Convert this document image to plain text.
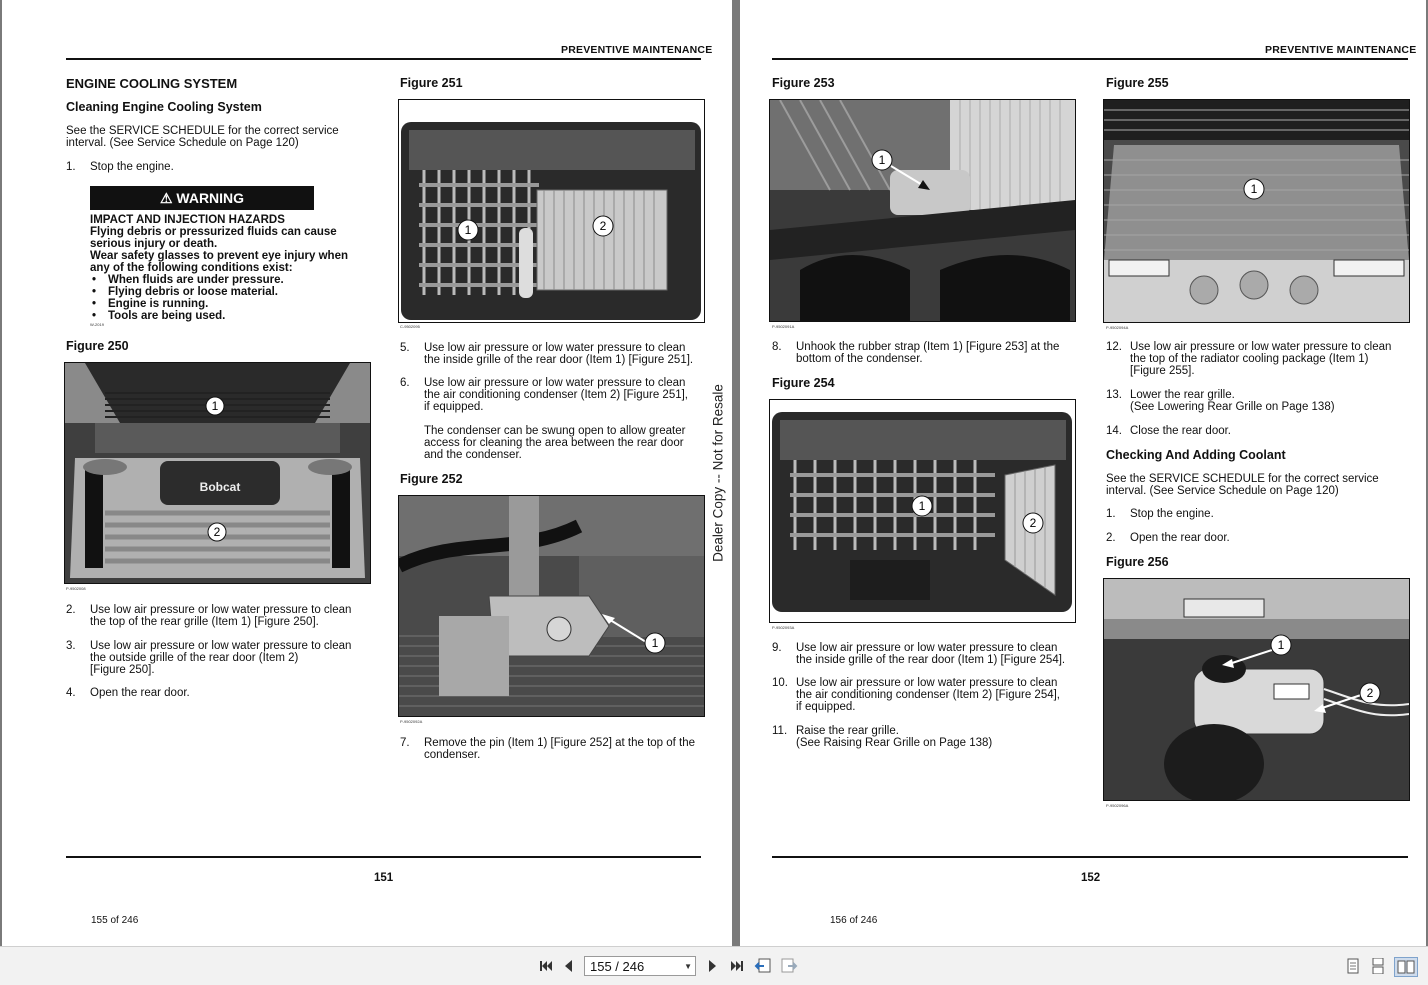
PREVENTIVE MAINTENANCE
ENGINE COOLING SYSTEM
Cleaning Engine Cooling System
See the SERVICE SCHEDULE for the correct service
interval. (See Service Schedule on Page 120)
1. Stop the engine.
⚠ WARNING
IMPACT AND INJECTION HAZARDS
Flying debris or pressurized fluids can cause
serious injury or death.
Wear safety glasses to prevent eye injury when
any of the following conditions exist:
• When fluids are under pressure.
• Flying debris or loose material.
• Engine is running.
• Tools are being used.
W-2019
Figure 250
Bobcat
1
2
P-9502008
2. Use low air pressure or low water pressure to clean
the top of the rear grille (Item 1) [Figure 250].
3. Use low air pressure or low water pressure to clean
the outside grille of the rear door (Item 2)
[Figure 250].
4. Open the rear door.
Figure 251
1	2
C-9502095
5. Use low air pressure or low water pressure to clean
the inside grille of the rear door (Item 1) [Figure 251].
6. Use low air pressure or low water pressure to clean
the air conditioning condenser (Item 2) [Figure 251],
if equipped.
The condenser can be swung open to allow greater
access for cleaning the area between the rear door
and the condenser.
Figure 252
1
P-9502092A
7. Remove the pin (Item 1) [Figure 252] at the top of the
condenser.
Dealer Copy -- Not for Resale
151
155 of 246
PREVENTIVE MAINTENANCE
Figure 253
1
P-9502091A
8. Unhook the rubber strap (Item 1) [Figure 253] at the
bottom of the condenser.
Figure 254
1
2
P-9502093A
9. Use low air pressure or low water pressure to clean
the inside grille of the rear door (Item 1) [Figure 254].
10. Use low air pressure or low water pressure to clean
the air conditioning condenser (Item 2) [Figure 254],
if equipped.
11. Raise the rear grille.
(See Raising Rear Grille on Page 138)
Figure 255
1
P-9502094A
12. Use low air pressure or low water pressure to clean
the top of the radiator cooling package (Item 1)
[Figure 255].
13. Lower the rear grille.
(See Lowering Rear Grille on Page 138)
14. Close the rear door.
Checking And Adding Coolant
See the SERVICE SCHEDULE for the correct service
interval. (See Service Schedule on Page 120)
1. Stop the engine.
2. Open the rear door.
Figure 256
1
2
P-9502096A
152
156 of 246
155 / 246	▼
